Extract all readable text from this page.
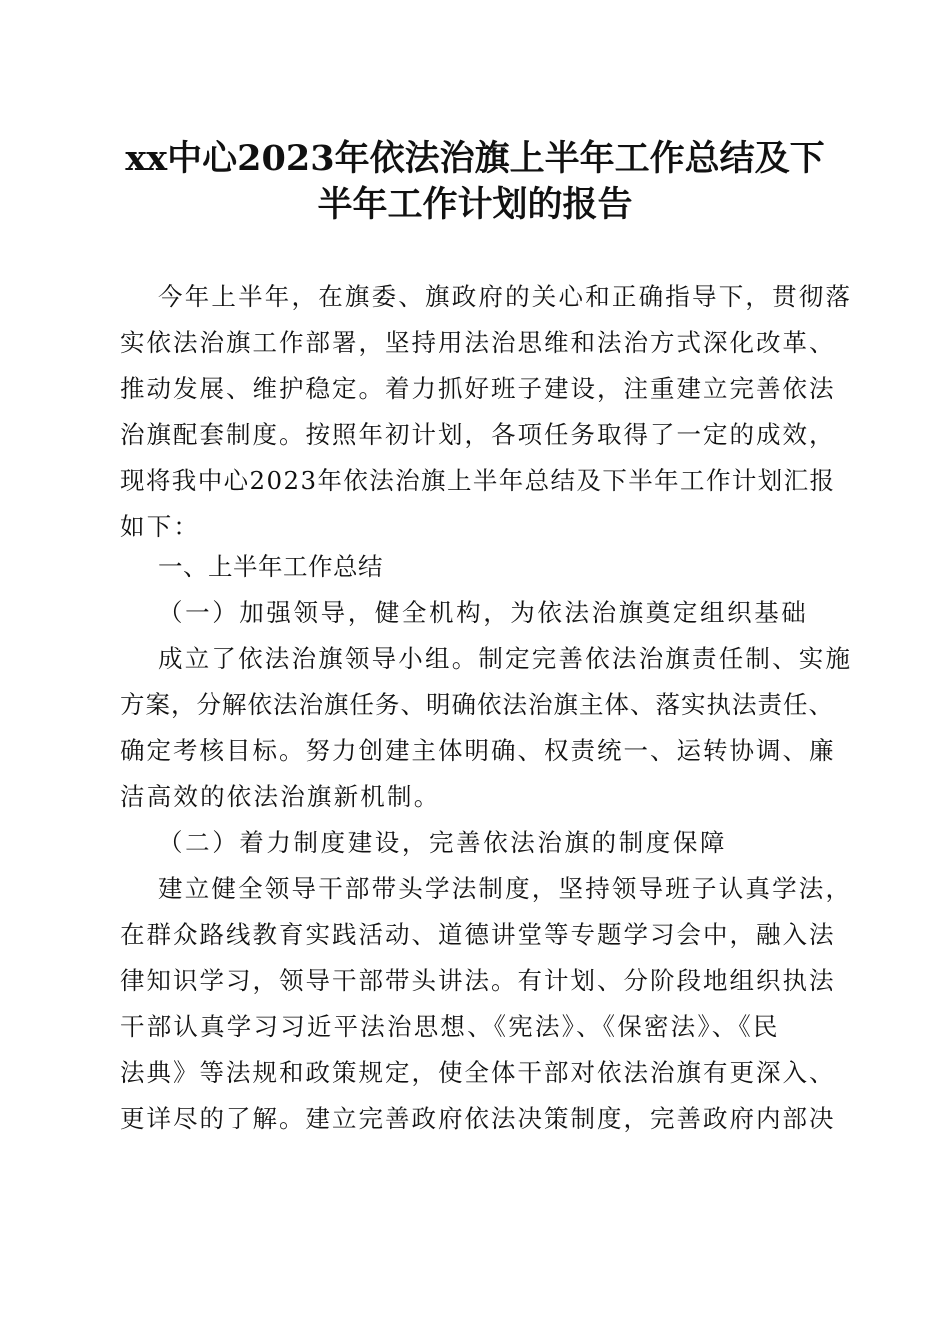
xx中心2023年依法治旗上半年工作总结及下
半年工作计划的报告

今年上半年，在旗委、旗政府的关心和正确指导下，贯彻落

实依法治旗工作部署，坚持用法治思维和法治方式深化改革、

推动发展、维护稳定。着力抓好班子建设，注重建立完善依法

治旗配套制度。按照年初计划，各项任务取得了一定的成效，

现将我中心2023年依法治旗上半年总结及下半年工作计划汇报

如下：

一、上半年工作总结

（一）加强领导，健全机构，为依法治旗奠定组织基础

成立了依法治旗领导小组。制定完善依法治旗责任制、实施

方案，分解依法治旗任务、明确依法治旗主体、落实执法责任、

确定考核目标。努力创建主体明确、权责统一、运转协调、廉

洁高效的依法治旗新机制。

（二）着力制度建设，完善依法治旗的制度保障

建立健全领导干部带头学法制度，坚持领导班子认真学法，

在群众路线教育实践活动、道德讲堂等专题学习会中，融入法

律知识学习，领导干部带头讲法。有计划、分阶段地组织执法

干部认真学习习近平法治思想、《宪法》、《保密法》、《民

法典》等法规和政策规定，使全体干部对依法治旗有更深入、

更详尽的了解。建立完善政府依法决策制度，完善政府内部决
